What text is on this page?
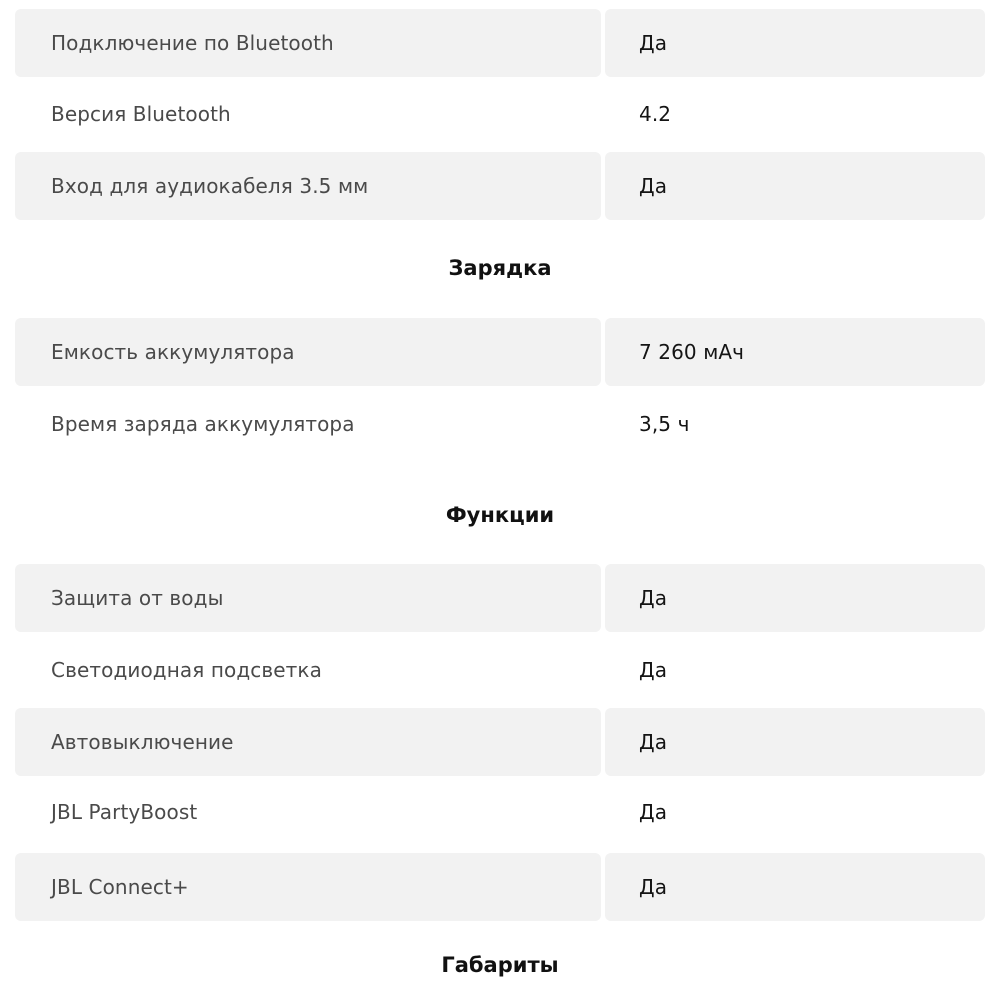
Подключение по Bluetooth	Да
Версия Bluetooth	4.2
Вход для аудиокабеля 3.5 мм	Да
Зарядка
Емкость аккумулятора	7 260 мАч
Время заряда аккумулятора	3,5 ч
Функции
Защита от воды	Да
Светодиодная подсветка	Да
Автовыключение	Да
JBL PartyBoost	Да
JBL Connect+	Да
Габариты
